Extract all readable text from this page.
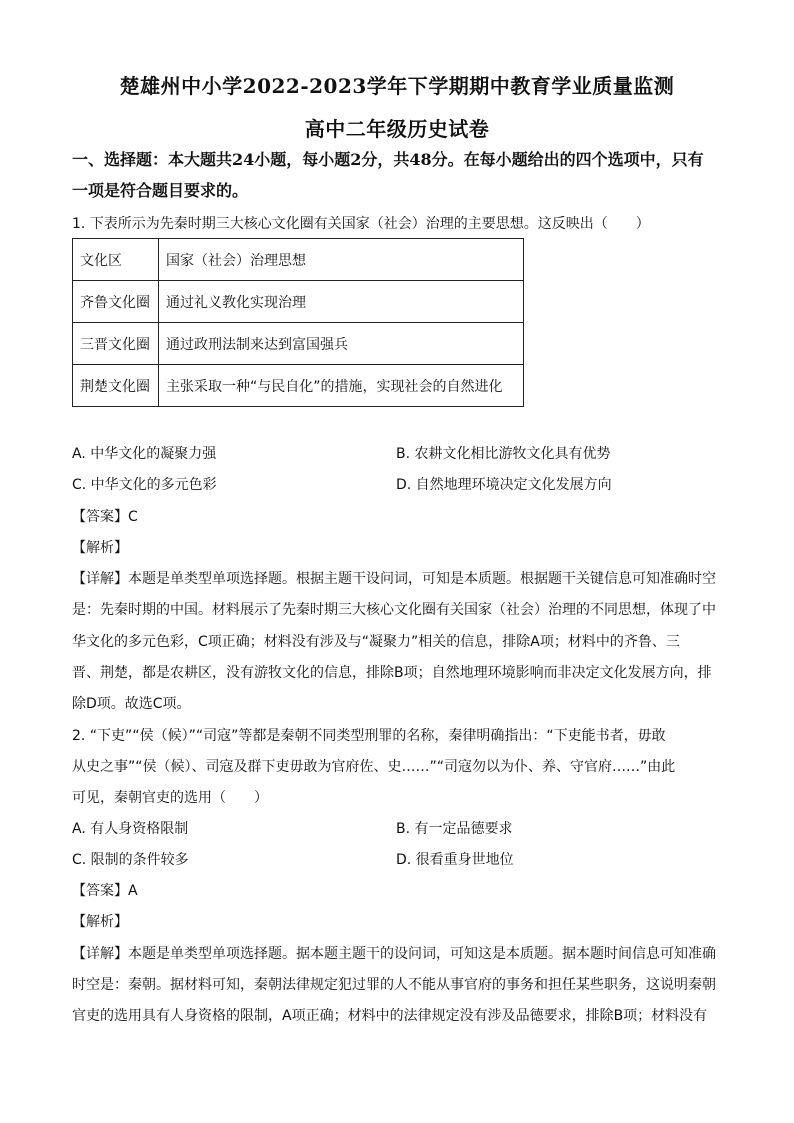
楚雄州中小学2022-2023学年下学期期中教育学业质量监测
高中二年级历史试卷
一、选择题：本大题共24小题，每小题2分，共48分。在每小题给出的四个选项中，只有
一项是符合题目要求的。
1. 下表所示为先秦时期三大核心文化圈有关国家（社会）治理的主要思想。这反映出（　　）
文化区	国家（社会）治理思想
齐鲁文化圈	通过礼义教化实现治理
三晋文化圈	通过政刑法制来达到富国强兵
荆楚文化圈	主张采取一种“与民自化”的措施，实现社会的自然进化
A. 中华文化的凝聚力强	B. 农耕文化相比游牧文化具有优势
C. 中华文化的多元色彩	D. 自然地理环境决定文化发展方向
【答案】C
【解析】
【详解】本题是单类型单项选择题。根据主题干设问词，可知是本质题。根据题干关键信息可知准确时空
是：先秦时期的中国。材料展示了先秦时期三大核心文化圈有关国家（社会）治理的不同思想，体现了中
华文化的多元色彩，C项正确；材料没有涉及与“凝聚力”相关的信息，排除A项；材料中的齐鲁、三
晋、荆楚，都是农耕区，没有游牧文化的信息，排除B项；自然地理环境影响而非决定文化发展方向，排
除D项。故选C项。
2. “下吏”“侯（候）”“司寇”等都是秦朝不同类型刑罪的名称，秦律明确指出：“下吏能书者，毋敢
从史之事”“侯（候）、司寇及群下吏毋敢为官府佐、史……”“司寇勿以为仆、养、守官府……”由此
可见，秦朝官吏的选用（　　）
A. 有人身资格限制	B. 有一定品德要求
C. 限制的条件较多	D. 很看重身世地位
【答案】A
【解析】
【详解】本题是单类型单项选择题。据本题主题干的设问词，可知这是本质题。据本题时间信息可知准确
时空是：秦朝。据材料可知，秦朝法律规定犯过罪的人不能从事官府的事务和担任某些职务，这说明秦朝
官吏的选用具有人身资格的限制，A项正确；材料中的法律规定没有涉及品德要求，排除B项；材料没有
